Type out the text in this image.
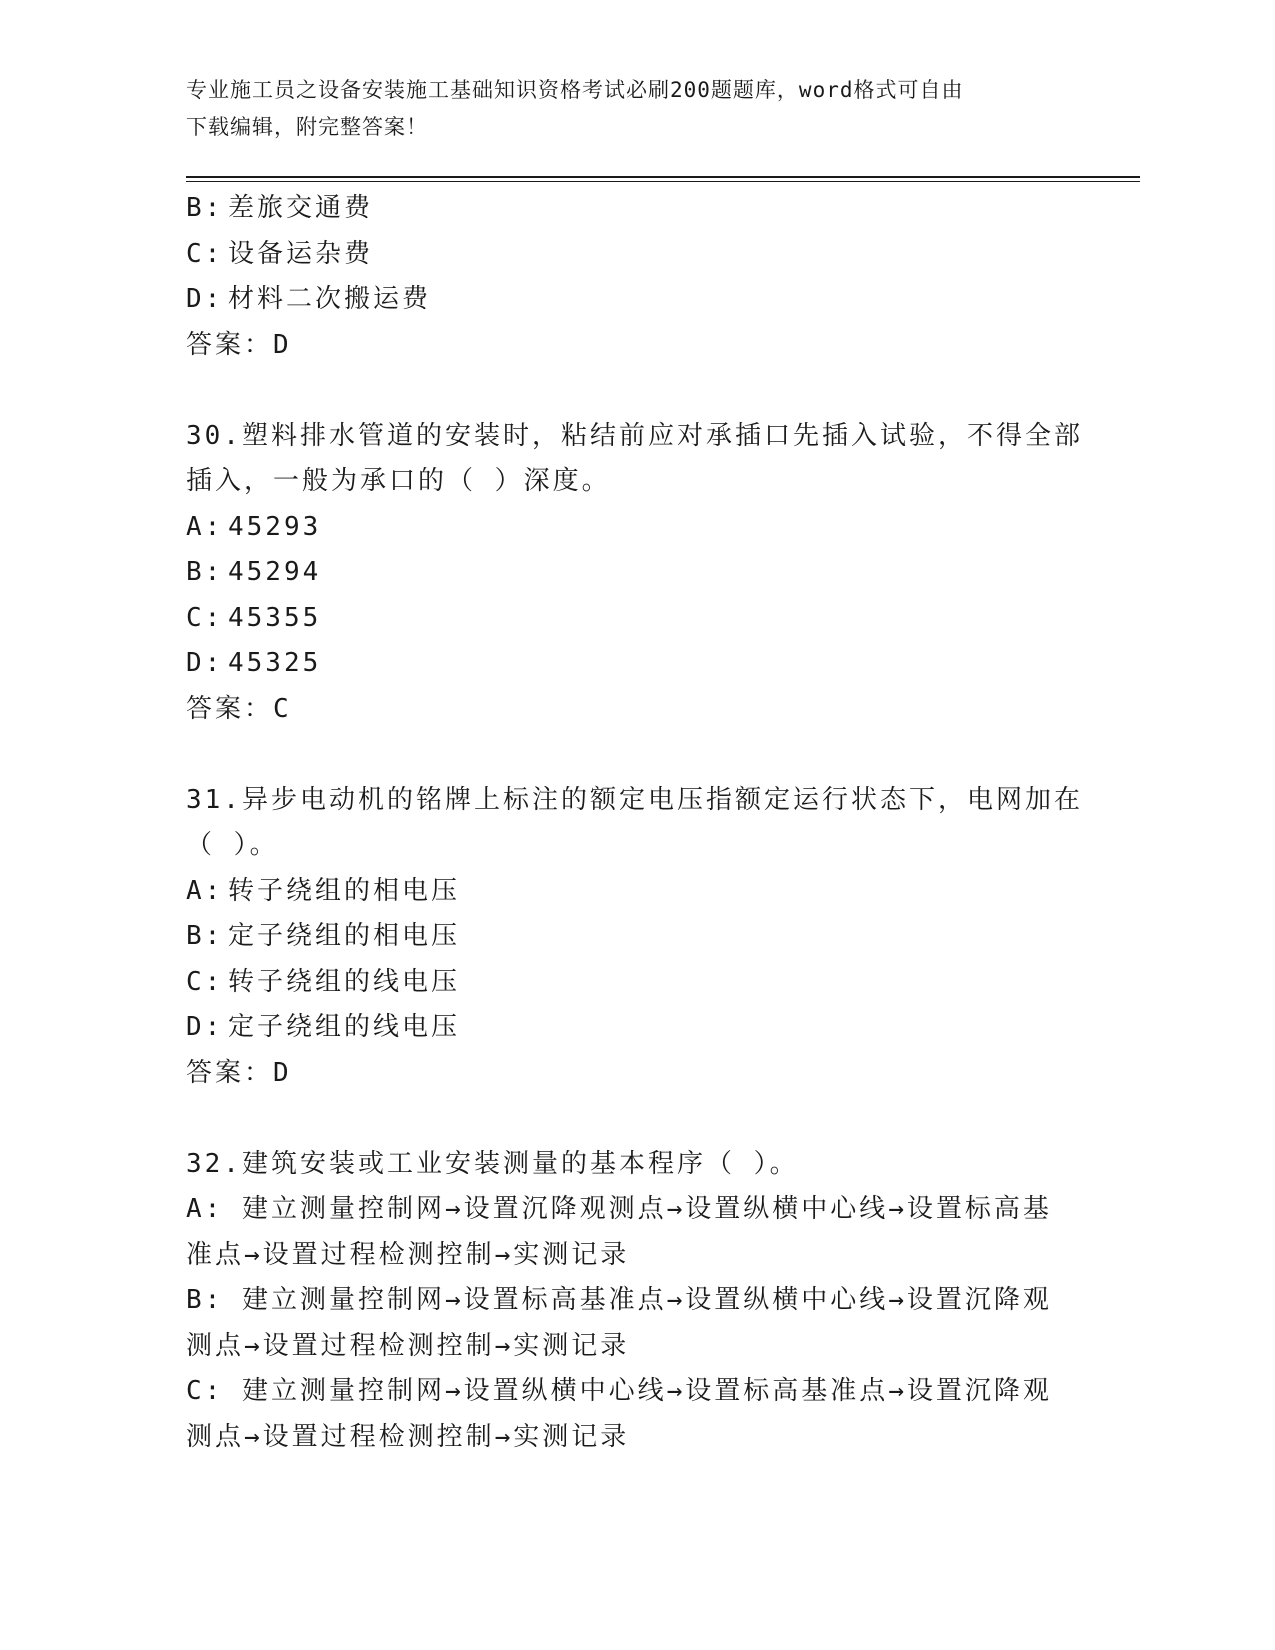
专业施工员之设备安装施工基础知识资格考试必刷200题题库，word格式可自由
下载编辑，附完整答案！
B: 差旅交通费
C: 设备运杂费
D: 材料二次搬运费
答案：D
30.塑料排水管道的安装时，粘结前应对承插口先插入试验，不得全部
插入，一般为承口的（ ）深度。
A: 45293
B: 45294
C: 45355
D: 45325
答案：C
31.异步电动机的铭牌上标注的额定电压指额定运行状态下，电网加在
（ ）。
A: 转子绕组的相电压
B: 定子绕组的相电压
C: 转子绕组的线电压
D: 定子绕组的线电压
答案：D
32.建筑安装或工业安装测量的基本程序（ ）。
A: 建立测量控制网→设置沉降观测点→设置纵横中心线→设置标高基
准点→设置过程检测控制→实测记录
B: 建立测量控制网→设置标高基准点→设置纵横中心线→设置沉降观
测点→设置过程检测控制→实测记录
C: 建立测量控制网→设置纵横中心线→设置标高基准点→设置沉降观
测点→设置过程检测控制→实测记录
